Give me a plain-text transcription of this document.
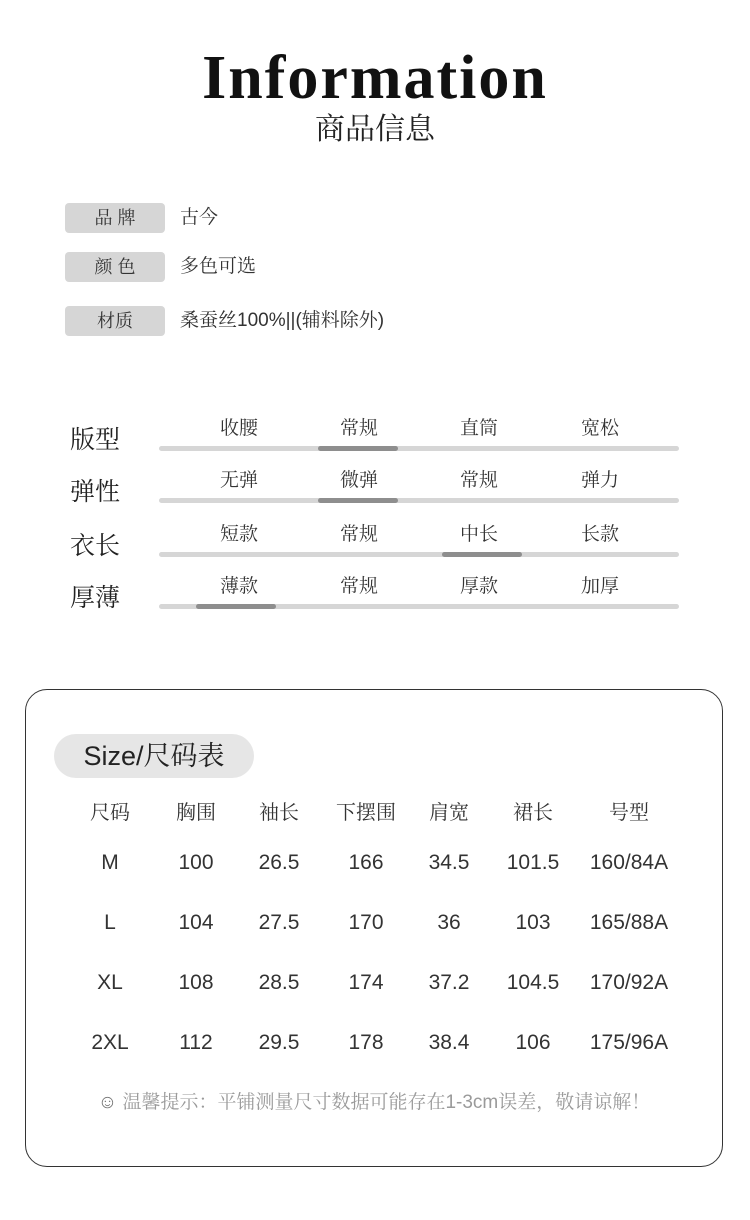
Information
商品信息
品 牌	古今
颜 色	多色可选
材质	桑蚕丝100%||(辅料除外)
版型	收腰	常规	直筒	宽松
弹性	无弹	微弹	常规	弹力
衣长	短款	常规	中长	长款
厚薄	薄款	常规	厚款	加厚
Size/尺码表
尺码	胸围	袖长	下摆围	肩宽	裙长	号型
M	100	26.5	166	34.5	101.5	160/84A
L	104	27.5	170	36	103	165/88A
XL	108	28.5	174	37.2	104.5	170/92A
2XL	112	29.5	178	38.4	106	175/96A
☺ 温馨提示：平铺测量尺寸数据可能存在1-3cm误差，敬请谅解！
